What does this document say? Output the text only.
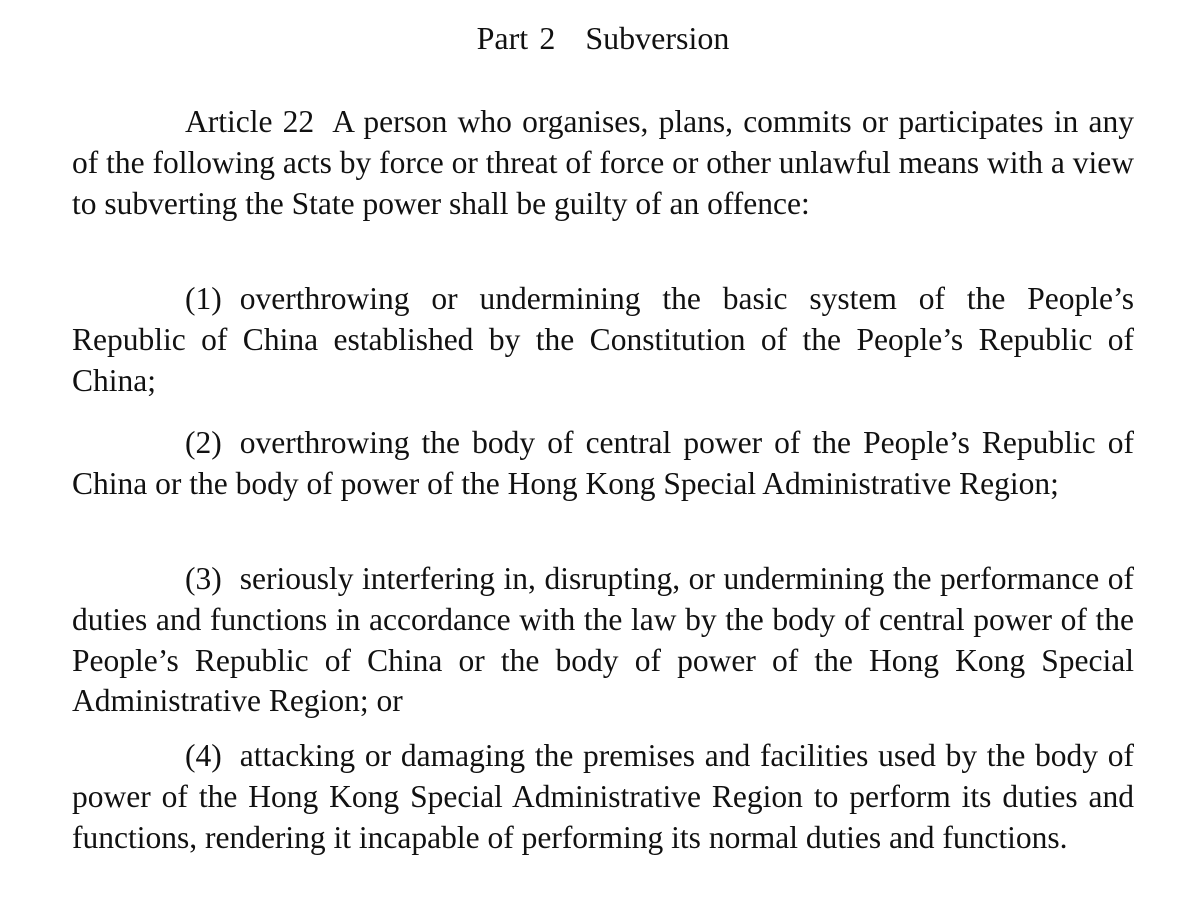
Part 2 Subversion

Article 22 A person who organises, plans, commits or participates in any of the following acts by force or threat of force or other unlawful means with a view to subverting the State power shall be guilty of an offence:

(1) overthrowing or undermining the basic system of the People’s Republic of China established by the Constitution of the People’s Republic of China;

(2) overthrowing the body of central power of the People’s Republic of China or the body of power of the Hong Kong Special Administrative Region;

(3) seriously interfering in, disrupting, or undermining the performance of duties and functions in accordance with the law by the body of central power of the People’s Republic of China or the body of power of the Hong Kong Special Administrative Region; or

(4) attacking or damaging the premises and facilities used by the body of power of the Hong Kong Special Administrative Region to perform its duties and functions, rendering it incapable of performing its normal duties and functions.
